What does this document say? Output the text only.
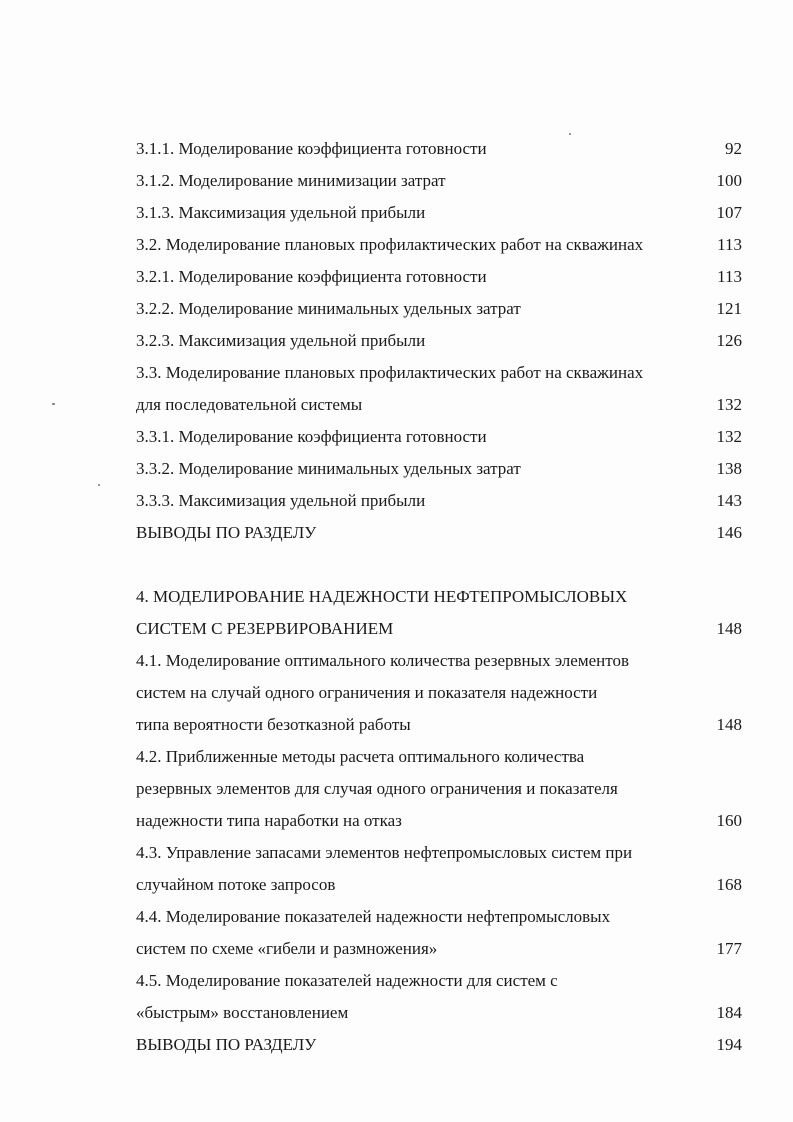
3.1.1. Моделирование коэффициента готовности	92
3.1.2. Моделирование минимизации затрат	100
3.1.3. Максимизация удельной прибыли	107
3.2. Моделирование плановых профилактических работ на скважинах	113
3.2.1. Моделирование коэффициента готовности	113
3.2.2. Моделирование минимальных удельных затрат	121
3.2.3. Максимизация удельной прибыли	126
3.3. Моделирование плановых профилактических работ на скважинах
для последовательной системы	132
3.3.1. Моделирование коэффициента готовности	132
3.3.2. Моделирование минимальных удельных затрат	138
3.3.3. Максимизация удельной прибыли	143
ВЫВОДЫ ПО РАЗДЕЛУ	146
4. МОДЕЛИРОВАНИЕ НАДЕЖНОСТИ НЕФТЕПРОМЫСЛОВЫХ
СИСТЕМ С РЕЗЕРВИРОВАНИЕМ	148
4.1. Моделирование оптимального количества резервных элементов
систем на случай одного ограничения и показателя надежности
типа вероятности безотказной работы	148
4.2. Приближенные методы расчета оптимального количества
резервных элементов для случая одного ограничения и показателя
надежности типа наработки на отказ	160
4.3. Управление запасами элементов нефтепромысловых систем при
случайном потоке запросов	168
4.4. Моделирование показателей надежности нефтепромысловых
систем по схеме «гибели и размножения»	177
4.5. Моделирование показателей надежности для систем с
«быстрым» восстановлением	184
ВЫВОДЫ ПО РАЗДЕЛУ	194
